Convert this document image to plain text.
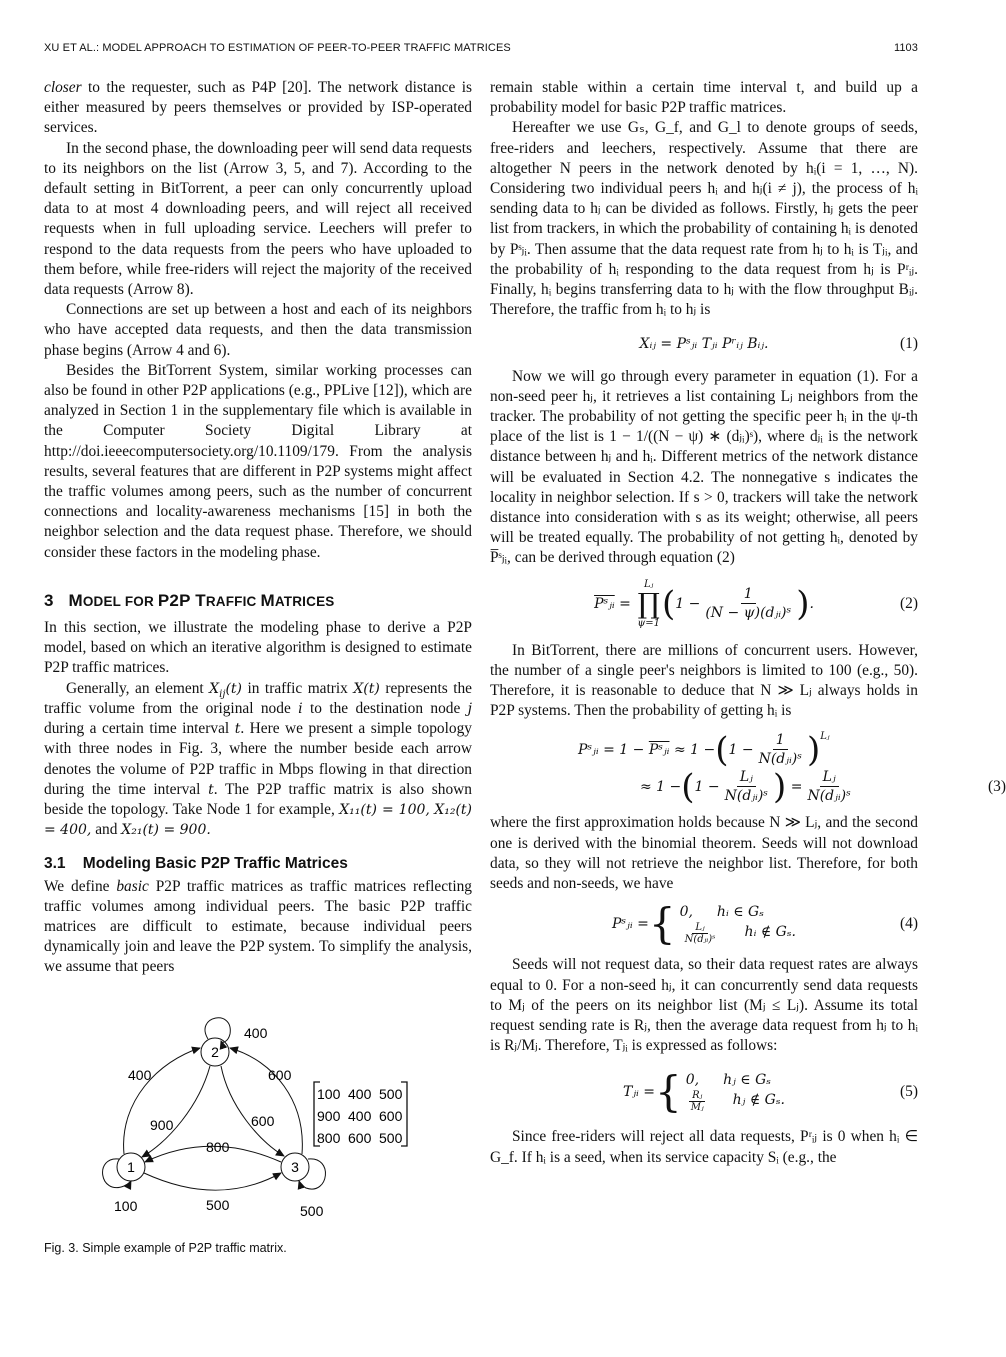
XU ET AL.: MODEL APPROACH TO ESTIMATION OF PEER-TO-PEER TRAFFIC MATRICES	1103

closer to the requester, such as P4P [20]. The network distance is either measured by peers themselves or provided by ISP-operated services.

In the second phase, the downloading peer will send data requests to its neighbors on the list (Arrow 3, 5, and 7). According to the default setting in BitTorrent, a peer can only concurrently upload data to at most 4 downloading peers, and will reject all received requests when in full uploading service. Leechers will prefer to respond to the data requests from the peers who have uploaded to them before, while free-riders will reject the majority of the received data requests (Arrow 8).

Connections are set up between a host and each of its neighbors who have accepted data requests, and then the data transmission phase begins (Arrow 4 and 6).

Besides the BitTorrent System, similar working processes can also be found in other P2P applications (e.g., PPLive [12]), which are analyzed in Section 1 in the supplementary file which is available in the Computer Society Digital Library at http://doi.ieeecomputersociety.org/10.1109/179. From the analysis results, several features that are different in P2P systems might affect the traffic volumes among peers, such as the number of concurrent connections and locality-awareness mechanisms [15] in both the neighbor selection and the data request phase. Therefore, we should consider these factors in the modeling phase.

3 MODEL FOR P2P TRAFFIC MATRICES

In this section, we illustrate the modeling phase to derive a P2P model, based on which an iterative algorithm is designed to estimate P2P traffic matrices.

Generally, an element $X_{ij}(t)$ in traffic matrix X(t) represents the traffic volume from the original node i to the destination node j during a certain time interval t. Here we present a simple topology with three nodes in Fig. 3, where the number beside each arrow denotes the volume of P2P traffic in Mbps flowing in that direction during the time interval t. The P2P traffic matrix is also shown beside the topology. Take Node 1 for example, X₁₁(t) = 100, X₁₂(t) = 400, and X₂₁(t) = 900.

3.1 Modeling Basic P2P Traffic Matrices

We define basic P2P traffic matrices as traffic matrices reflecting traffic volumes among individual peers. The basic P2P traffic matrices are difficult to estimate, because individual peers dynamically join and leave the P2P system. To simplify the analysis, we assume that peers

2
1	3
400
100	500
400
900	600
600
800
500
100 400 500
900 400 600
800 600 500
Fig. 3. Simple example of P2P traffic matrix.

remain stable within a certain time interval t, and build up a probability model for basic P2P traffic matrices.

Hereafter we use Gₛ, G_f, and G_l to denote groups of seeds, free-riders and leechers, respectively. Assume that there are altogether N peers in the network denoted by hᵢ(i = 1, …, N). Considering two individual peers hᵢ and hⱼ(i ≠ j), the process of hᵢ sending data to hⱼ can be divided as follows. Firstly, hⱼ gets the peer list from trackers, in which the probability of containing hᵢ is denoted by Pˢⱼᵢ. Then assume that the data request rate from hⱼ to hᵢ is Tⱼᵢ, and the probability of hᵢ responding to the data request from hⱼ is Pʳᵢⱼ. Finally, hᵢ begins transferring data to hⱼ with the flow throughput Bᵢⱼ. Therefore, the traffic from hᵢ to hⱼ is

Xᵢⱼ = Pˢⱼᵢ Tⱼᵢ Pʳᵢⱼ Bᵢⱼ.	(1)

Now we will go through every parameter in equation (1). For a non-seed peer hⱼ, it retrieves a list containing Lⱼ neighbors from the tracker. The probability of not getting the specific peer hᵢ in the ψ-th place of the list is 1 − 1/((N − ψ) ∗ (dⱼᵢ)ˢ), where dⱼᵢ is the network distance between hⱼ and hᵢ. Different metrics of the network distance will be evaluated in Section 4.2. The nonnegative s indicates the locality in neighbor selection. If s > 0, trackers will take the network distance into consideration with s as its weight; otherwise, all peers will be treated equally. The probability of not getting hᵢ, denoted by P̅ˢⱼᵢ, can be derived through equation (2)

Pˢⱼᵢ =
Lⱼ
∏
ψ=1 ( $1 - \frac{1}{\text{(N − ψ)(dⱼᵢ)ˢ}}$ ) .	(2)

In BitTorrent, there are millions of concurrent users. However, the number of a single peer's neighbors is limited to 100 (e.g., 50). Therefore, it is reasonable to deduce that N ≫ Lⱼ always holds in P2P systems. Then the probability of getting hᵢ is

Pˢⱼᵢ = 1 −
Pˢⱼᵢ
≈ 1 − ( $1 - \frac{1}{\text{N(dⱼᵢ)ˢ}} )^{Lⱼ}$
≈ 1 − ( $1 - \frac{\text{Lⱼ}}{\text{N(dⱼᵢ)ˢ}}$ )
= $\frac{\text{Lⱼ}}{\text{N(dⱼᵢ)ˢ}}$	(3)

where the first approximation holds because N ≫ Lⱼ, and the second one is derived with the binomial theorem. Seeds will not download data, so they will not retrieve the neighbor list. Therefore, for both seeds and non-seeds, we have

Pˢⱼᵢ = { 0, hᵢ ∈ Gₛ
$\frac{\text{Lⱼ}}{\text{N(dⱼᵢ)ˢ}}$ hᵢ ∉ Gₛ.
(4)

Seeds will not request data, so their data request rates are always equal to 0. For a non-seed hⱼ, it can concurrently send data requests to Mⱼ of the peers on its neighbor list (Mⱼ ≤ Lⱼ). Assume its total request sending rate is Rⱼ, then the average data request from hⱼ to hᵢ is Rⱼ/Mⱼ. Therefore, Tⱼᵢ is expressed as follows:

Tⱼᵢ = { 0, hⱼ ∈ Gₛ
$\frac{\text{Rⱼ}}{\text{Mⱼ}}$ hⱼ ∉ Gₛ.
(5)

Since free-riders will reject all data requests, Pʳᵢⱼ is 0 when hᵢ ∈ G_f. If hᵢ is a seed, when its service capacity Sᵢ (e.g., the
